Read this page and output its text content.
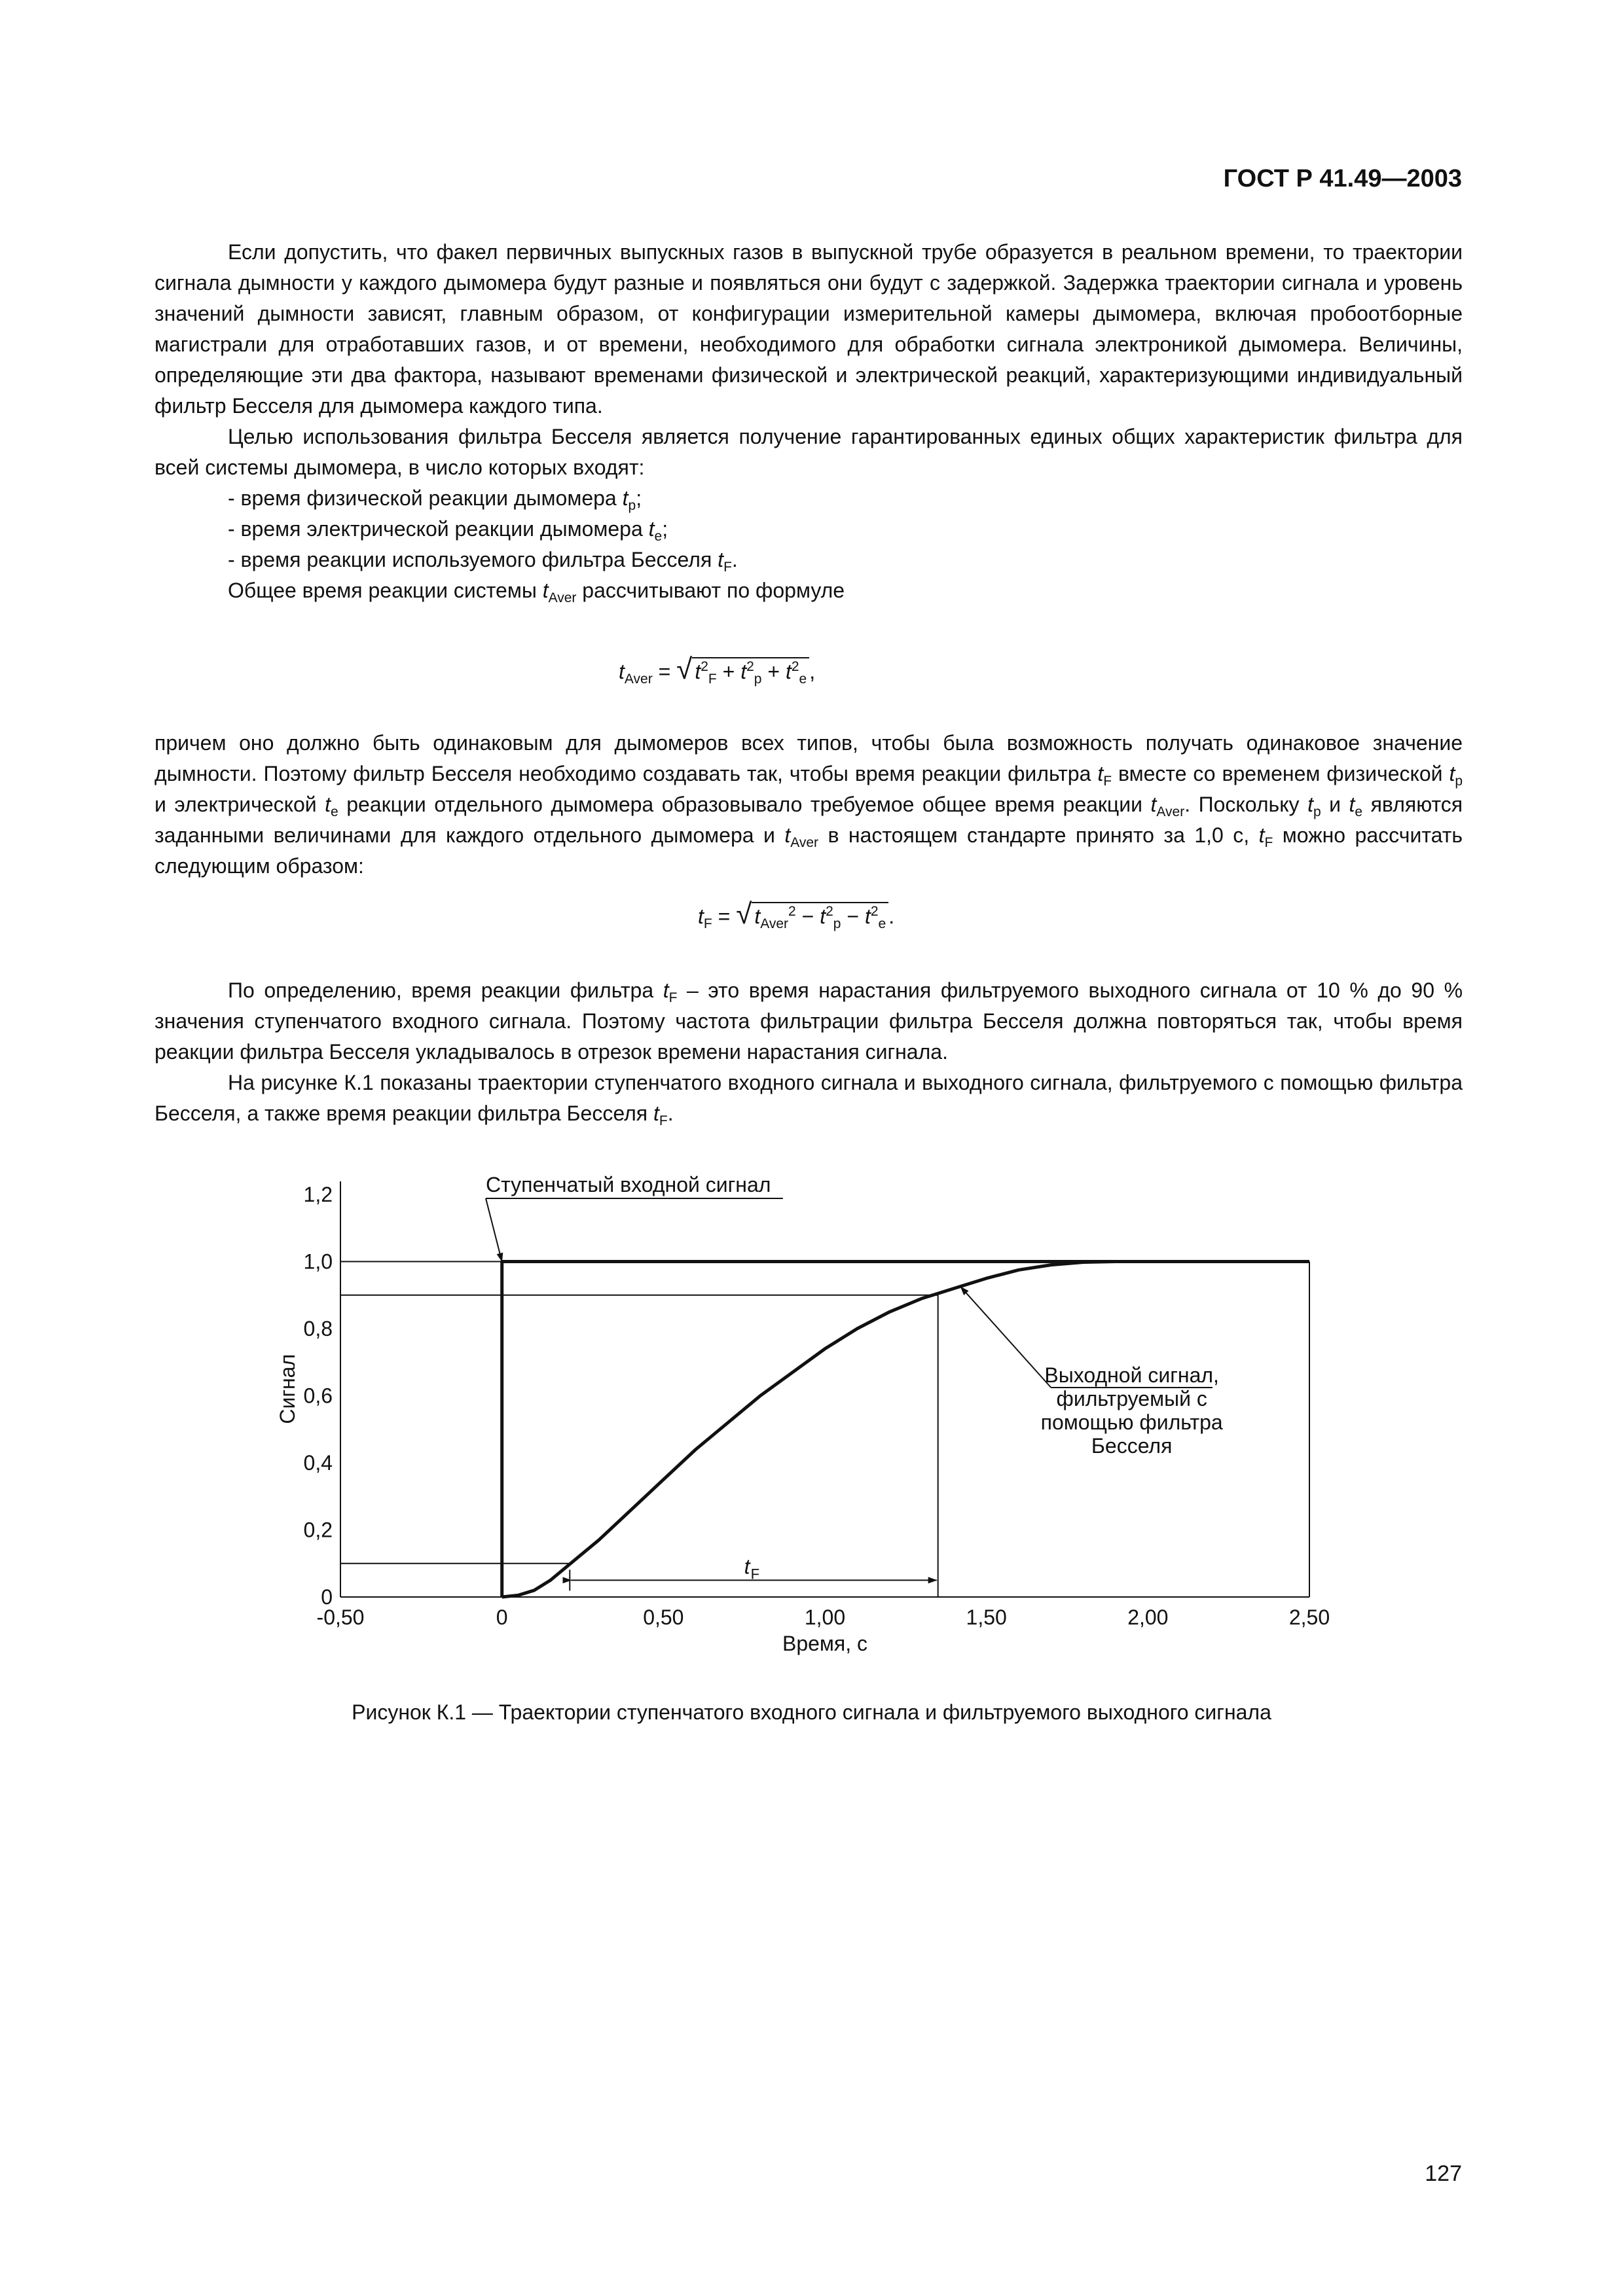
ГОСТ Р 41.49—2003

Если допустить, что факел первичных выпускных газов в выпускной трубе образуется в реальном времени, то траектории сигнала дымности у каждого дымомера будут разные и появляться они будут с задержкой. Задержка траектории сигнала и уровень значений дымности зависят, главным образом, от конфигурации измерительной камеры дымомера, включая пробоотборные магистрали для отработавших газов, и от времени, необходимого для обработки сигнала электроникой дымомера. Величины, определяющие эти два фактора, называют временами физической и электрической реакций, характеризующими индивидуальный фильтр Бесселя для дымомера каждого типа.

Целью использования фильтра Бесселя является получение гарантированных единых общих характеристик фильтра для всей системы дымомера, в число которых входят:

- время физической реакции дымомера $t_p$;

- время электрической реакции дымомера $t_e$;

- время реакции используемого фильтра Бесселя $t_F$.

Общее время реакции системы $t_{Aver}$ рассчитывают по формуле

$t_{Aver}$ = √ $t^2_F + t^2_p + t^2_e$ ,

причем оно должно быть одинаковым для дымомеров всех типов, чтобы была возможность получать одинаковое значение дымности. Поэтому фильтр Бесселя необходимо создавать так, чтобы время реакции фильтра $t_F$ вместе со временем физической $t_p$ и электрической $t_e$ реакции отдельного дымомера образовывало требуемое общее время реакции $t_{Aver}$. Поскольку $t_p$ и $t_e$ являются заданными величинами для каждого отдельного дымомера и $t_{Aver}$ в настоящем стандарте принято за 1,0 с, $t_F$ можно рассчитать следующим образом:

$t_F$ = √ $t_{Aver}^2 - t^2_p - t^2_e$ .

По определению, время реакции фильтра $t_F$ – это время нарастания фильтруемого выходного сигнала от 10 % до 90 % значения ступенчатого входного сигнала. Поэтому частота фильтрации фильтра Бесселя должна повторяться так, чтобы время реакции фильтра Бесселя укладывалось в отрезок времени нарастания сигнала.

На рисунке К.1 показаны траектории ступенчатого входного сигнала и выходного сигнала, фильтруемого с помощью фильтра Бесселя, а также время реакции фильтра Бесселя $t_F$.

-0,50	0	0,50	1,00	1,50	2,00	2,50
0
0,2
0,4
0,6
0,8
1,0
1,2
Время, с
Сигнал
t F
Ступенчатый входной сигнал
Выходной сигнал,
фильтруемый с
помощью фильтра
Бесселя
Рисунок К.1 — Траектории ступенчатого входного сигнала и фильтруемого выходного сигнала
127
